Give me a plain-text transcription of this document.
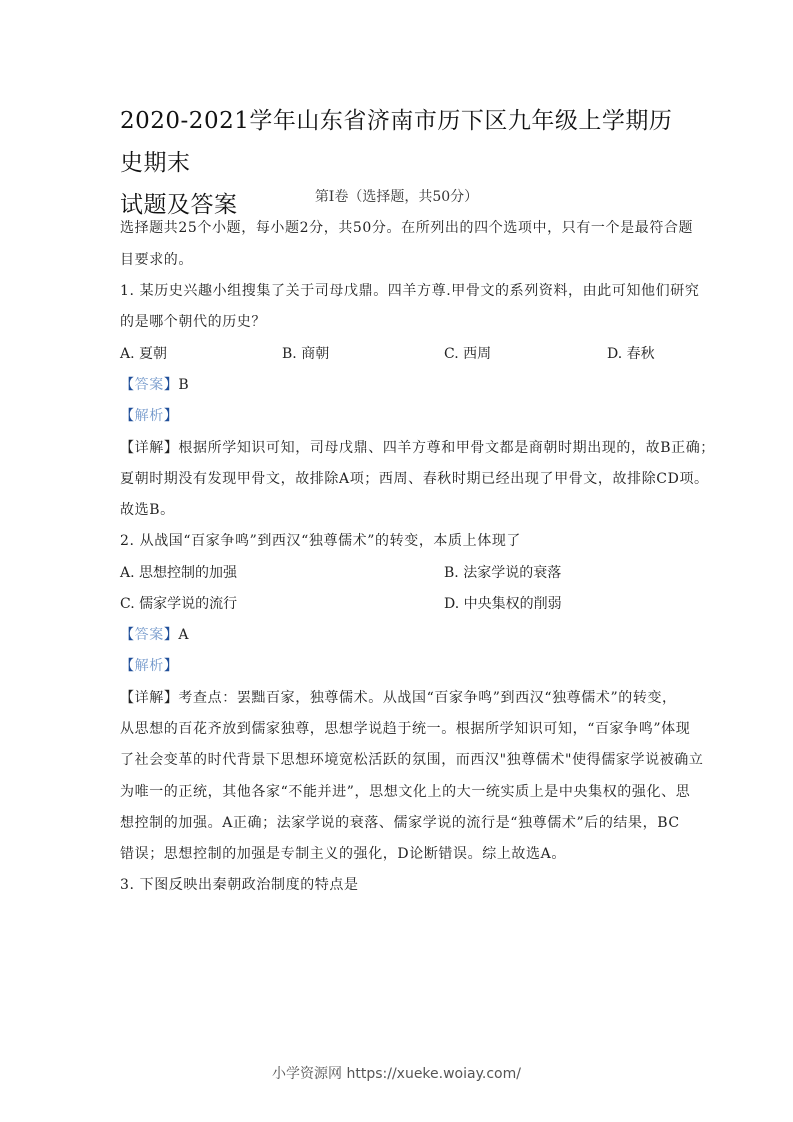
2020-2021学年山东省济南市历下区九年级上学期历史期末
试题及答案	第Ⅰ卷（选择题，共50分）
选择题共25个小题，每小题2分，共50分。在所列出的四个选项中，只有一个是最符合题
目要求的。
1. 某历史兴趣小组搜集了关于司母戊鼎。四羊方尊.甲骨文的系列资料，由此可知他们研究
的是哪个朝代的历史？
A. 夏朝	B. 商朝	C. 西周	D. 春秋
【答案】B
【解析】
【详解】根据所学知识可知，司母戊鼎、四羊方尊和甲骨文都是商朝时期出现的，故B正确；
夏朝时期没有发现甲骨文，故排除A项；西周、春秋时期已经出现了甲骨文，故排除CD项。
故选B。
2. 从战国“百家争鸣”到西汉“独尊儒术”的转变，本质上体现了
A. 思想控制的加强	B. 法家学说的衰落
C. 儒家学说的流行	D. 中央集权的削弱
【答案】A
【解析】
【详解】考查点：罢黜百家，独尊儒术。从战国“百家争鸣”到西汉“独尊儒术”的转变，
从思想的百花齐放到儒家独尊，思想学说趋于统一。根据所学知识可知，“百家争鸣”体现
了社会变革的时代背景下思想环境宽松活跃的氛围，而西汉"独尊儒术"使得儒家学说被确立
为唯一的正统，其他各家“不能并进”，思想文化上的大一统实质上是中央集权的强化、思
想控制的加强。A正确；法家学说的衰落、儒家学说的流行是“独尊儒术”后的结果，BC
错误；思想控制的加强是专制主义的强化，D论断错误。综上故选A。
3. 下图反映出秦朝政治制度的特点是
小学资源网 https://xueke.woiay.com/
